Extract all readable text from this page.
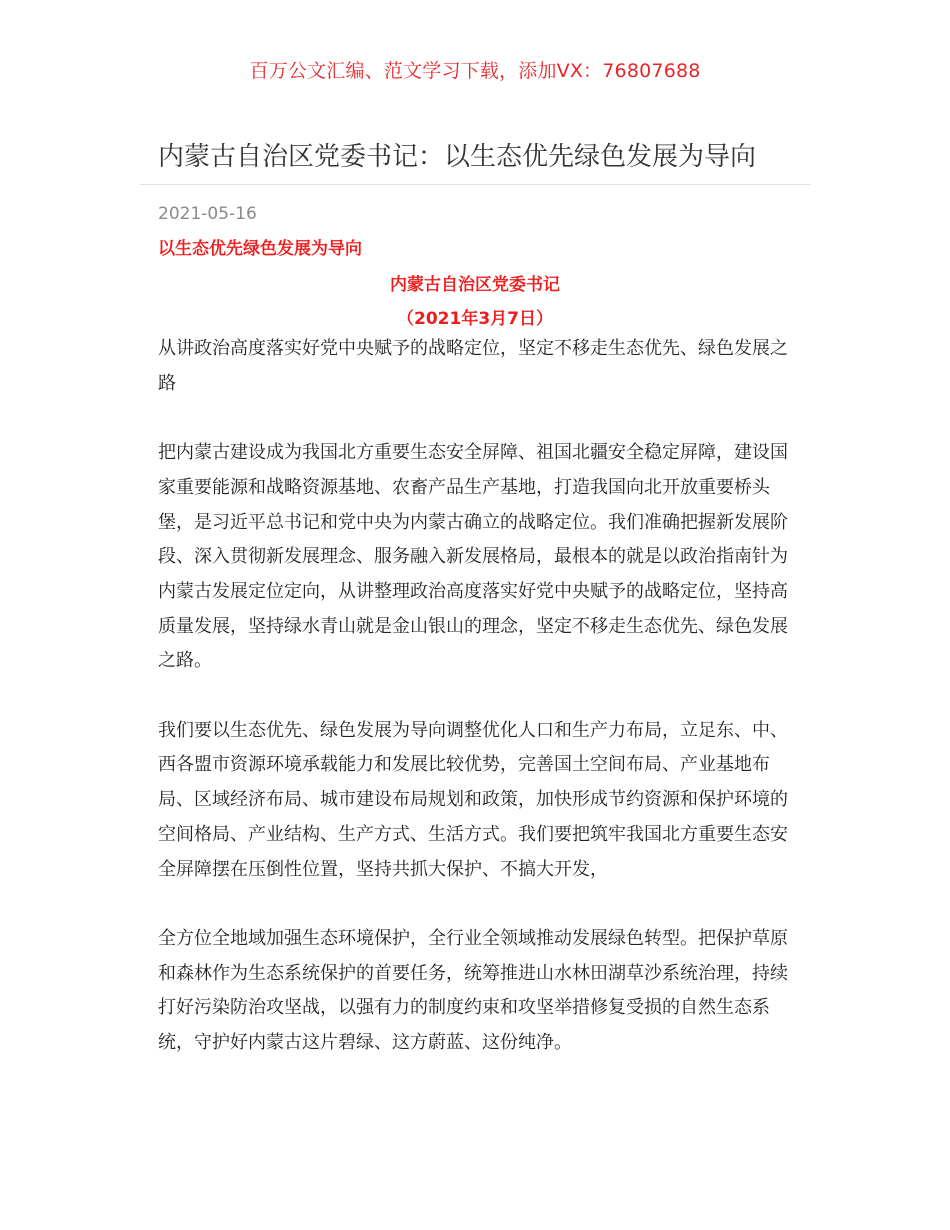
百万公文汇编、范文学习下载，添加VX：76807688
内蒙古自治区党委书记：以生态优先绿色发展为导向
2021-05-16
以生态优先绿色发展为导向
内蒙古自治区党委书记
（2021年3月7日）

从讲政治高度落实好党中央赋予的战略定位，坚定不移走生态优先、绿色发展之路

把内蒙古建设成为我国北方重要生态安全屏障、祖国北疆安全稳定屏障，建设国家重要能源和战略资源基地、农畜产品生产基地，打造我国向北开放重要桥头堡，是习近平总书记和党中央为内蒙古确立的战略定位。我们准确把握新发展阶段、深入贯彻新发展理念、服务融入新发展格局，最根本的就是以政治指南针为内蒙古发展定位定向，从讲整理政治高度落实好党中央赋予的战略定位，坚持高质量发展，坚持绿水青山就是金山银山的理念，坚定不移走生态优先、绿色发展之路。

我们要以生态优先、绿色发展为导向调整优化人口和生产力布局，立足东、中、西各盟市资源环境承载能力和发展比较优势，完善国土空间布局、产业基地布局、区域经济布局、城市建设布局规划和政策，加快形成节约资源和保护环境的空间格局、产业结构、生产方式、生活方式。我们要把筑牢我国北方重要生态安全屏障摆在压倒性位置，坚持共抓大保护、不搞大开发，

全方位全地域加强生态环境保护，全行业全领域推动发展绿色转型。把保护草原和森林作为生态系统保护的首要任务，统筹推进山水林田湖草沙系统治理，持续打好污染防治攻坚战，以强有力的制度约束和攻坚举措修复受损的自然生态系统，守护好内蒙古这片碧绿、这方蔚蓝、这份纯净。
